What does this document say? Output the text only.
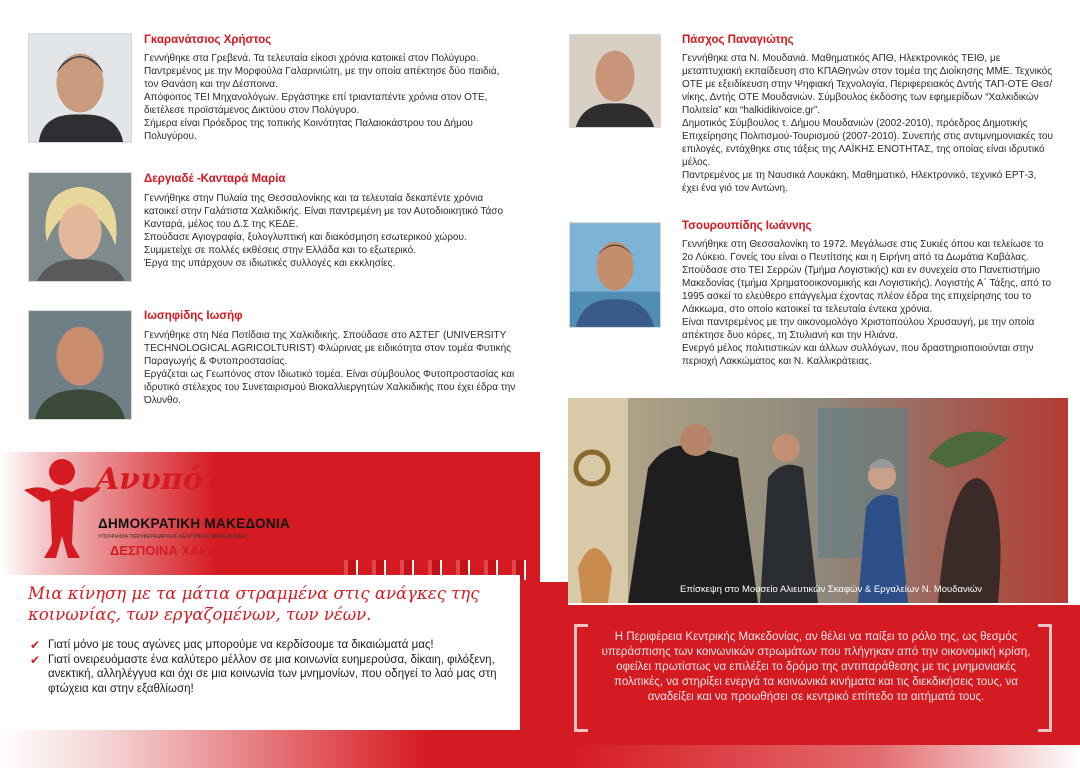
Γκαρανάτσιος Χρήστος

Γεννήθηκε στα Γρεβενά. Τα τελευταία είκοσι χρόνια κατοικεί στον Πολύγυρο.

Παντρεμένος με την Μορφούλα Γαλαρινιώτη, με την οποία απέκτησε δύο παιδιά, τον Θανάση και την Δέσποινα.

Απόφοιτος ΤΕΙ Μηχανολόγων. Εργάστηκε επί τριανταπέντε χρόνια στον ΟΤΕ, διετέλεσε προϊστάμενος Δικτύου στον Πολύγυρο.

Σήμερα είναι Πρόεδρος της τοπικής Κοινότητας Παλαιοκάστρου του Δήμου Πολυγύρου.

Δεργιαδέ -Κανταρά Μαρία

Γεννήθηκε στην Πυλαία της Θεσσαλονίκης και τα τελευταία δεκαπέντε χρόνια κατοικεί στην Γαλάτιστα Χαλκιδικής. Είναι παντρεμένη με τον Αυτοδιοικητικό Τάσο Κανταρά, μέλος του Δ.Σ της ΚΕΔΕ.

Σπούδασε Αγιογραφία, ξυλογλυπτική και διακόσμηση εσωτερικού χώρου.

Συμμετείχε σε πολλές εκθέσεις στην Ελλάδα και το εξωτερικό.

Έργα της υπάρχουν σε ιδιωτικές συλλογές και εκκλησίες.

Ιωσηφίδης Ιωσήφ

Γεννήθηκε στη Νέα Ποτίδαια της Χαλκιδικής. Σπούδασε στο ΑΣΤΕΓ (UNIVERSITY TECHNOLOGICAL AGRICOLTURIST) Φλώρινας με ειδικότητα στον τομέα Φυτικής Παραγωγής & Φυτοπροστασίας.

Εργάζεται ως Γεωπόνος στον Ιδιωτικό τομέα. Είναι σύμβουλος Φυτοπροστασίας και ιδρυτικό στέλεχος του Συνεταιρισμού Βιοκαλλιεργητών Χαλκιδικής που έχει έδρα την Όλυνθο.

Πάσχος Παναγιώτης

Γεννήθηκε στα Ν. Μουδανιά. Μαθηματικός ΑΠΘ, Ηλεκτρονικός ΤΕΙΘ, με μεταπτυχιακή εκπαίδευση στο ΚΠΑΘηνών στον τομέα της Διοίκησης ΜΜΕ. Τεχνικός ΟΤΕ με εξειδίκευση στην Ψηφιακή Τεχνολογία, Περιφερειακός Δντής ΤΑΠ-ΟΤΕ Θεσ/νίκης, Δντής ΟΤΕ Μουδανιών. Σύμβουλος έκδοσης των εφημερίδων “Χαλκιδικών Πολιτεία” και “halkidikivoice.gr”.

Δημοτικός Σύμβουλος τ. Δήμου Μουδανιών (2002-2010), πρόεδρος Δημοτικής Επιχείρησης Πολιτισμού-Τουρισμού (2007-2010). Συνεπής στις αντιμνημονιακές του επιλογές, εντάχθηκε στις τάξεις της ΛΑΪΚΗΣ ΕΝΟΤΗΤΑΣ, της οποίας είναι ιδρυτικό μέλος.

Παντρεμένος με τη Ναυσικά Λουκάκη, Μαθηματικό, Ηλεκτρονικό, τεχνικό ΕΡΤ-3, έχει ένα γιό τον Αντώνη.

Τσουρουπίδης Ιωάννης

Γεννήθηκε στη Θεσσαλονίκη το 1972. Μεγάλωσε στις Συκιές όπου και τελείωσε το 2ο Λύκειο. Γονείς του είναι ο Πευτίτσης και η Ειρήνη από τα Δωμάτια Καβάλας.

Σπούδασε στο ΤΕΙ Σερρών (Τμήμα Λογιστικής) και εν συνεχεία στο Πανεπιστήμιο Μακεδονίας (τμήμα Χρηματοοικονομικής και Λογιστικής). Λογιστής Α΄ Τάξης, από το 1995 ασκεί το ελεύθερο επάγγελμα έχοντας πλέον έδρα της επιχείρησης του το Λάκκωμα, στο οποίο κατοικεί τα τελευταία έντεκα χρόνια.

Είναι παντρεμένος με την οικονομολόγο Χριστοπούλου Χρυσαυγή, με την οποία απέκτησε δυο κόρες, τη Στυλιανή και την Ηλιάνα.

Ενεργό μέλος πολιτιστικών και άλλων συλλόγων, που δραστηριοποιούνται στην περιοχή Λακκώματος και Ν. Καλλικράτειας.

Ανυπότακτη
ΔΗΜΟΚΡΑΤΙΚΗ ΜΑΚΕΔΟΝΙΑ
ΥΠΟΨΗΦΙΑ ΠΕΡΙΦΕΡΕΙΑΡΧΗΣ ΚΕΝΤΡΙΚΗΣ ΜΑΚΕΔΟΝΙΑΣ
ΔΕΣΠΟΙΝΑ ΧΑΡΑΛΑΜΠΙΔΟΥ
Μια κίνηση με τα μάτια στραμμένα στις ανάγκες της κοινωνίας, των εργαζομένων, των νέων.
✔ Γιατί μόνο με τους αγώνες μας μπορούμε να κερδίσουμε τα δικαιώματά μας!
✔ Γιατί ονειρευόμαστε ένα καλύτερο μέλλον σε μια κοινωνία ευημερούσα, δίκαιη, φιλόξενη, ανεκτική, αλληλέγγυα και όχι σε μια κοινωνία των μνημονίων, που οδηγεί το λαό μας στη φτώχεια και στην εξαθλίωση!
Επίσκεψη στο Μουσείο Αλιευτικών Σκαφών & Εργαλείων Ν. Μουδανιών
Η Περιφέρεια Κεντρικής Μακεδονίας, αν θέλει να παίξει το ρόλο της, ως θεσμός υπεράσπισης των κοινωνικών στρωμάτων που πλήγηκαν από την οικονομική κρίση, οφείλει πρωτίστως να επιλέξει το δρόμο της αντιπαράθεσης με τις μνημονιακές πολιτικές, να στηρίξει ενεργά τα κοινωνικά κινήματα και τις διεκδικήσεις τους, να αναδείξει και να προωθήσει σε κεντρικό επίπεδο τα αιτήματά τους.
